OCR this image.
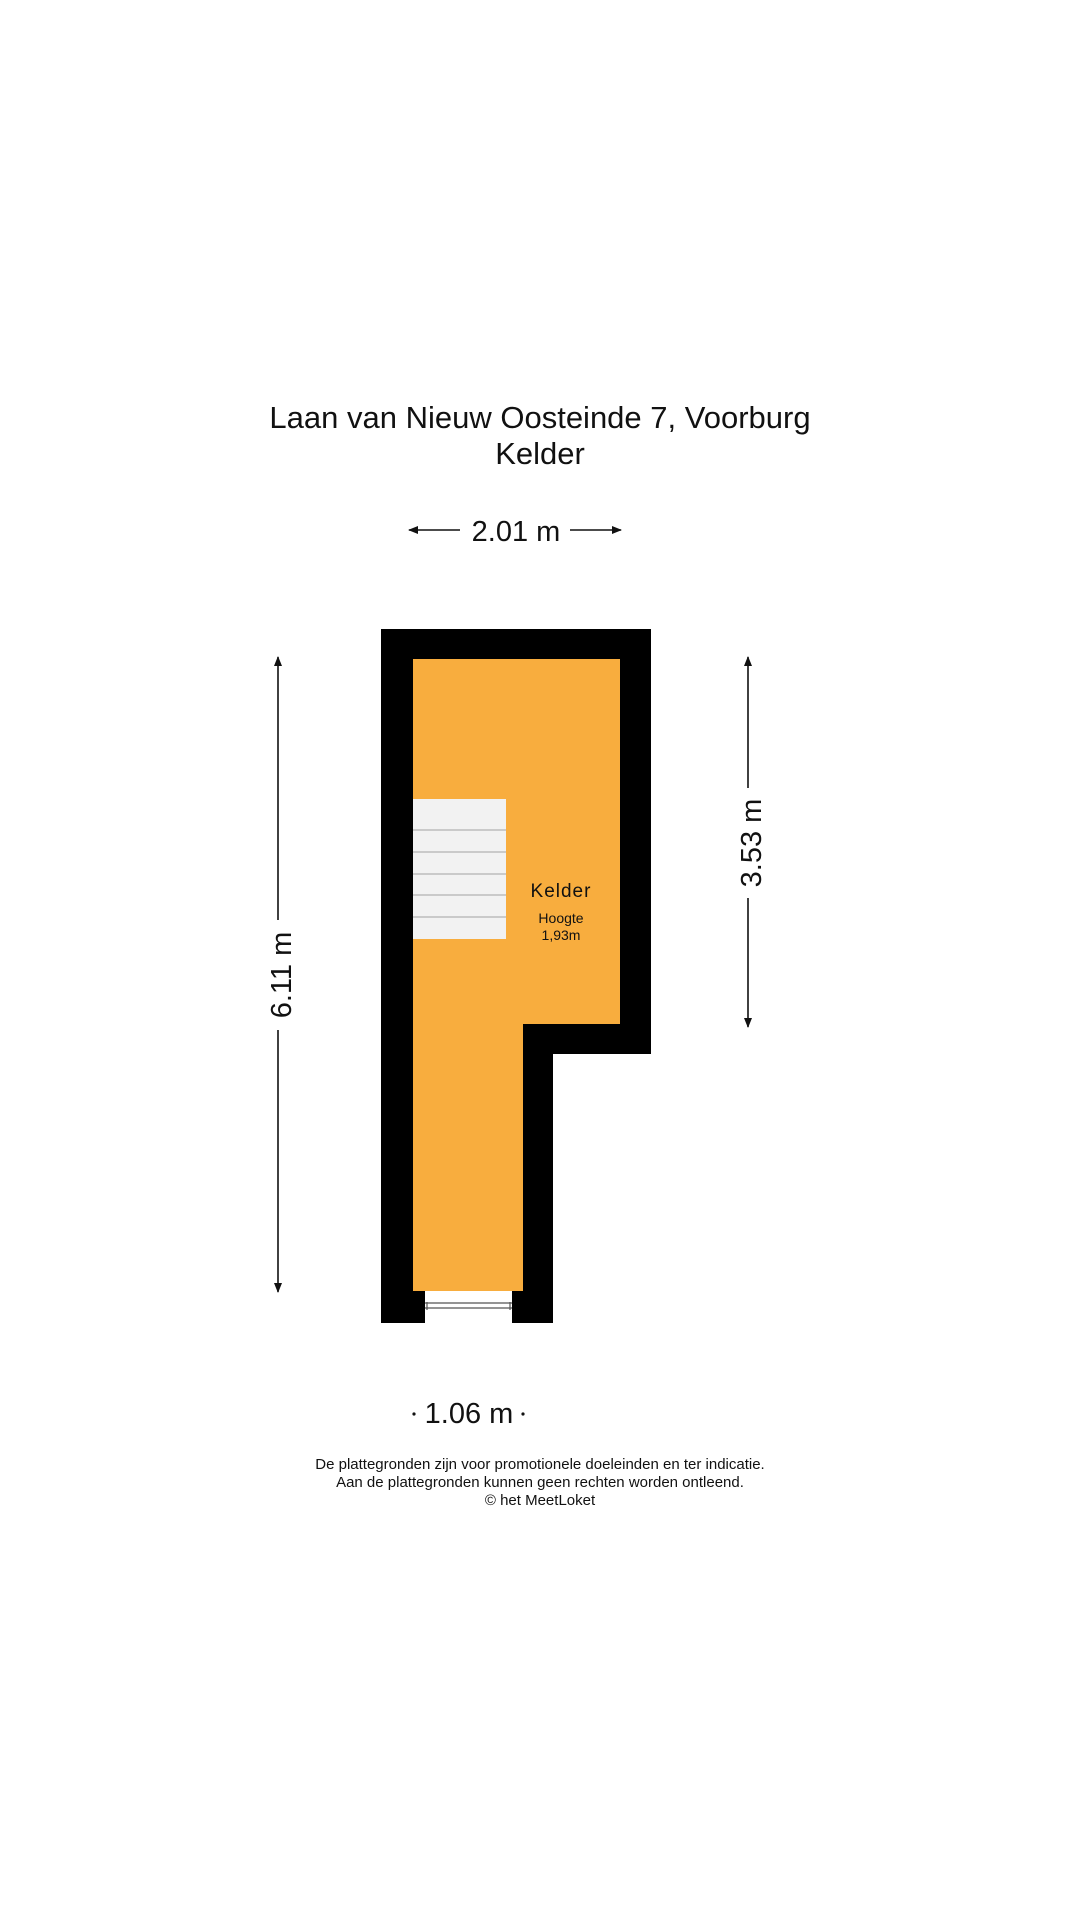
Laan van Nieuw Oosteinde 7, Voorburg
Kelder
2.01 m
6.11 m
3.53 m
Kelder
Hoogte
1,93m
1.06 m
De plattegronden zijn voor promotionele doeleinden en ter indicatie.
Aan de plattegronden kunnen geen rechten worden ontleend.
© het MeetLoket
